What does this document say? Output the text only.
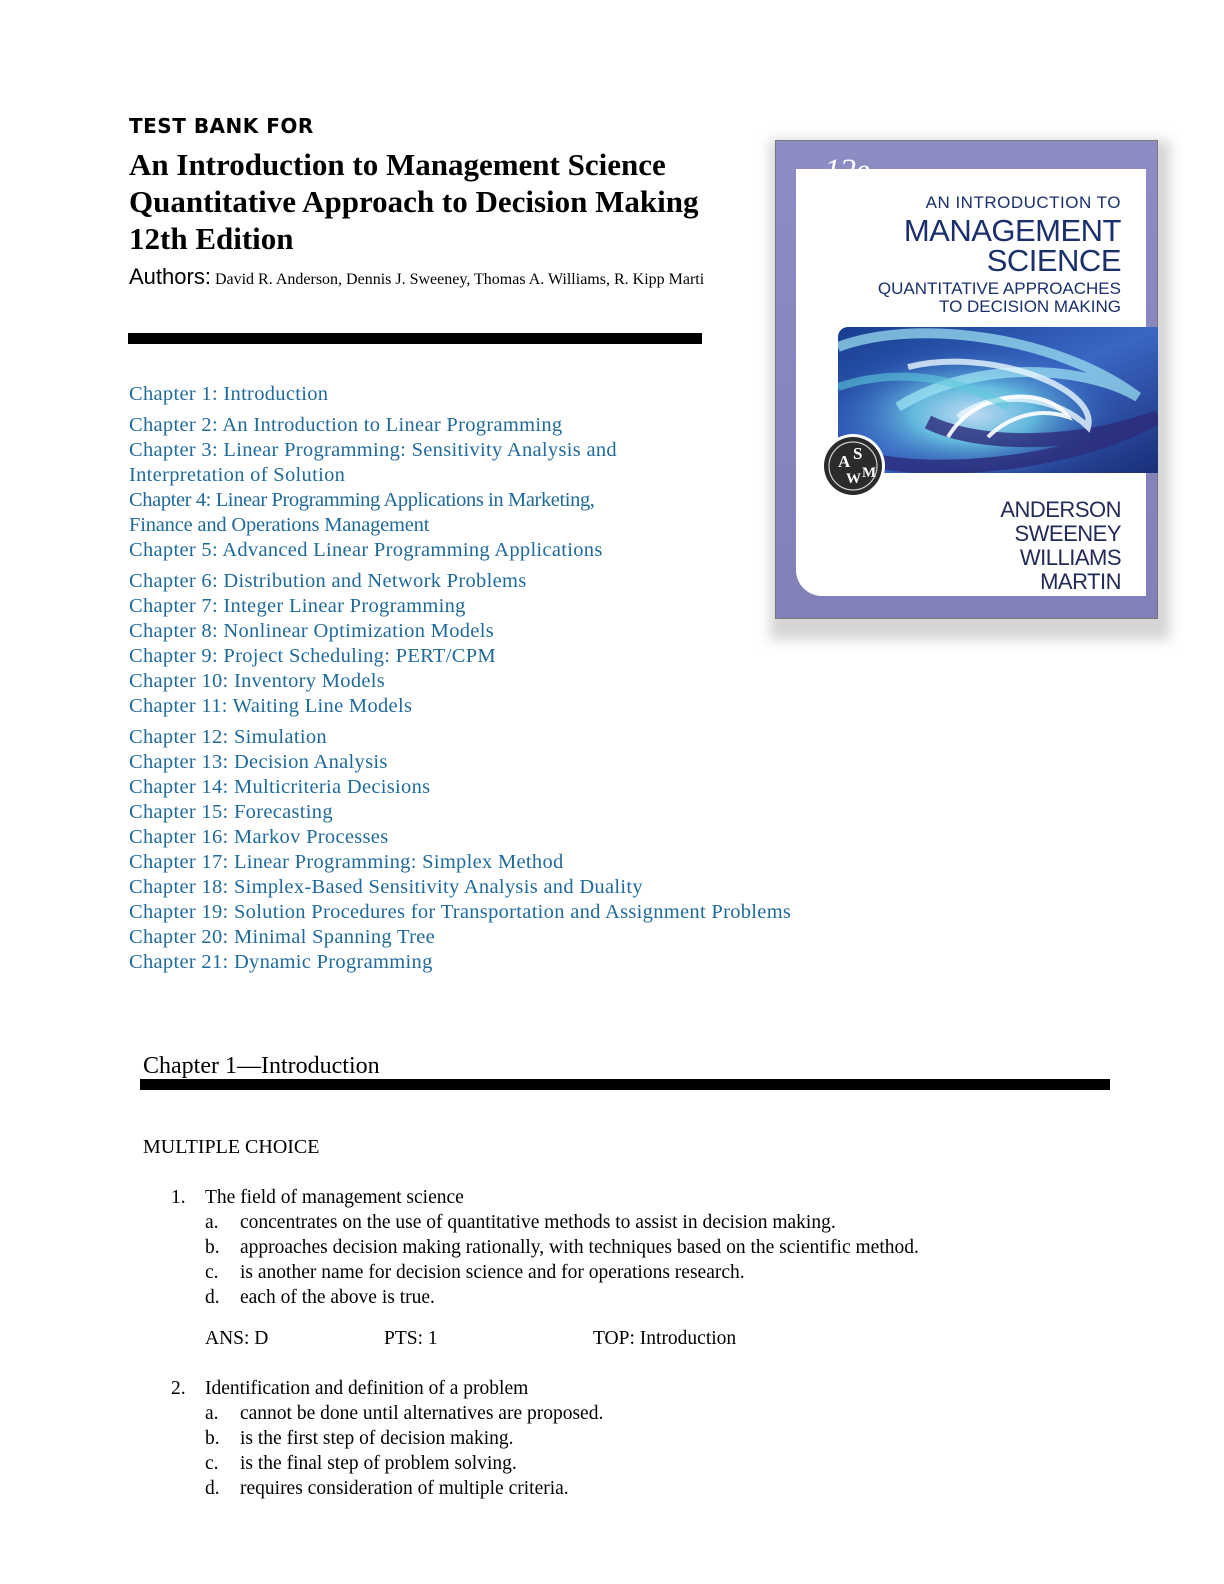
TEST BANK FOR
An Introduction to Management Science Quantitative Approach to Decision Making 12th Edition
Authors: David R. Anderson, Dennis J. Sweeney, Thomas A. Williams, R. Kipp Marti
Chapter 1: Introduction
Chapter 2: An Introduction to Linear Programming
Chapter 3: Linear Programming: Sensitivity Analysis and
Interpretation of Solution
Chapter 4: Linear Programming Applications in Marketing,
Finance and Operations Management
Chapter 5: Advanced Linear Programming Applications
Chapter 6: Distribution and Network Problems
Chapter 7: Integer Linear Programming
Chapter 8: Nonlinear Optimization Models
Chapter 9: Project Scheduling: PERT/CPM
Chapter 10: Inventory Models
Chapter 11: Waiting Line Models
Chapter 12: Simulation
Chapter 13: Decision Analysis
Chapter 14: Multicriteria Decisions
Chapter 15: Forecasting
Chapter 16: Markov Processes
Chapter 17: Linear Programming: Simplex Method
Chapter 18: Simplex-Based Sensitivity Analysis and Duality
Chapter 19: Solution Procedures for Transportation and Assignment Problems
Chapter 20: Minimal Spanning Tree
Chapter 21: Dynamic Programming
12e
AN INTRODUCTION TO
MANAGEMENT
SCIENCE
QUANTITATIVE APPROACHES
TO DECISION MAKING
A S
W M
ANDERSON
SWEENEY
WILLIAMS
MARTIN
Chapter 1—Introduction
MULTIPLE CHOICE
1. The field of management science
a. concentrates on the use of quantitative methods to assist in decision making.
b. approaches decision making rationally, with techniques based on the scientific method.
c. is another name for decision science and for operations research.
d. each of the above is true.
ANS: D	PTS: 1	TOP: Introduction
2. Identification and definition of a problem
a. cannot be done until alternatives are proposed.
b. is the first step of decision making.
c. is the final step of problem solving.
d. requires consideration of multiple criteria.
